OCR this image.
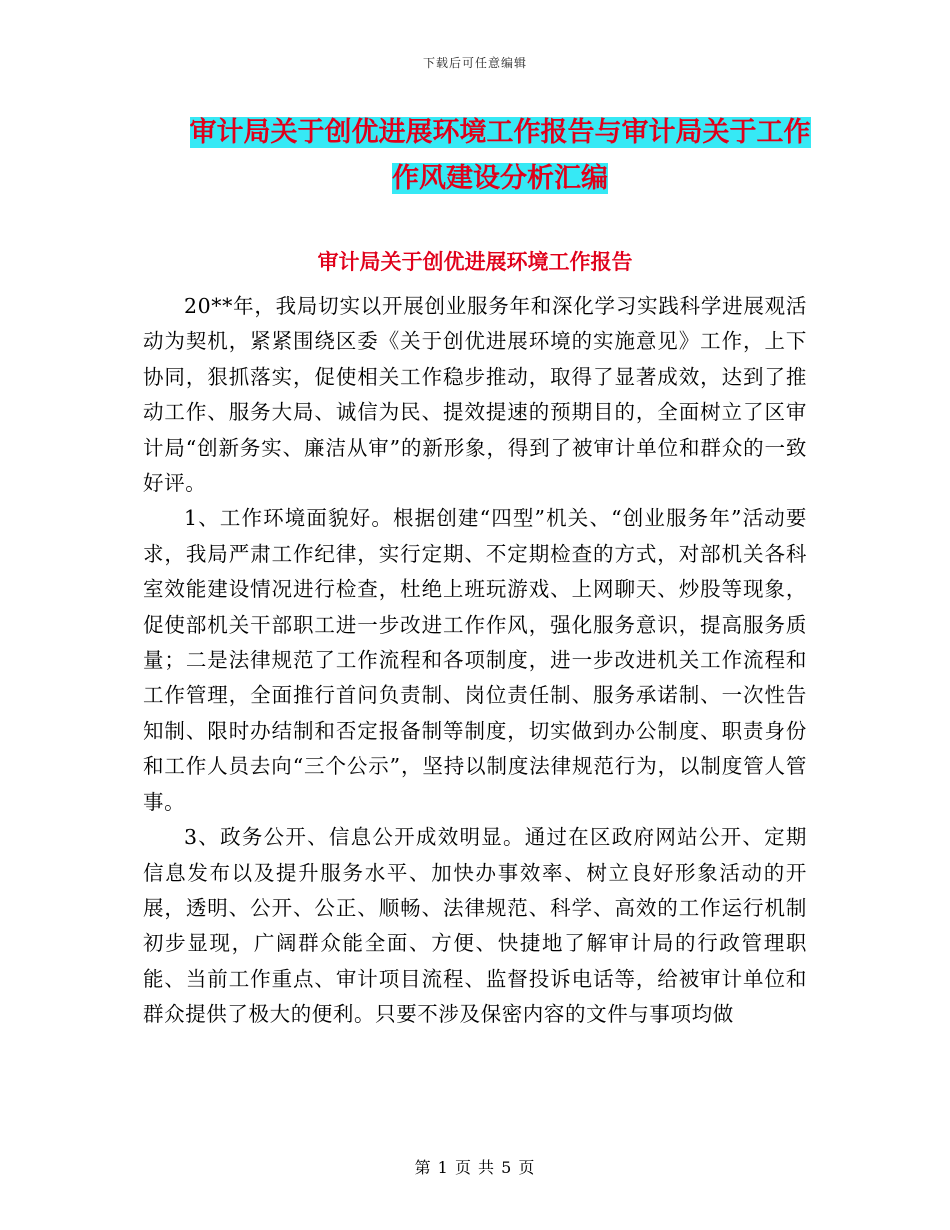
下载后可任意编辑
审计局关于创优进展环境工作报告与审计局关于工作
作风建设分析汇编
审计局关于创优进展环境工作报告

20**年，我局切实以开展创业服务年和深化学习实践科学进展观活动为契机，紧紧围绕区委《关于创优进展环境的实施意见》工作，上下协同，狠抓落实，促使相关工作稳步推动，取得了显著成效，达到了推动工作、服务大局、诚信为民、提效提速的预期目的，全面树立了区审计局“创新务实、廉洁从审”的新形象，得到了被审计单位和群众的一致好评。

1、工作环境面貌好。根据创建“四型”机关、“创业服务年”活动要求，我局严肃工作纪律，实行定期、不定期检查的方式，对部机关各科室效能建设情况进行检查，杜绝上班玩游戏、上网聊天、炒股等现象，促使部机关干部职工进一步改进工作作风，强化服务意识，提高服务质量；二是法律规范了工作流程和各项制度，进一步改进机关工作流程和工作管理，全面推行首问负责制、岗位责任制、服务承诺制、一次性告知制、限时办结制和否定报备制等制度，切实做到办公制度、职责身份和工作人员去向“三个公示”，坚持以制度法律规范行为，以制度管人管事。

3、政务公开、信息公开成效明显。通过在区政府网站公开、定期信息发布以及提升服务水平、加快办事效率、树立良好形象活动的开展，透明、公开、公正、顺畅、法律规范、科学、高效的工作运行机制初步显现，广阔群众能全面、方便、快捷地了解审计局的行政管理职能、当前工作重点、审计项目流程、监督投诉电话等，给被审计单位和群众提供了极大的便利。只要不涉及保密内容的文件与事项均做

第 1 页 共 5 页
